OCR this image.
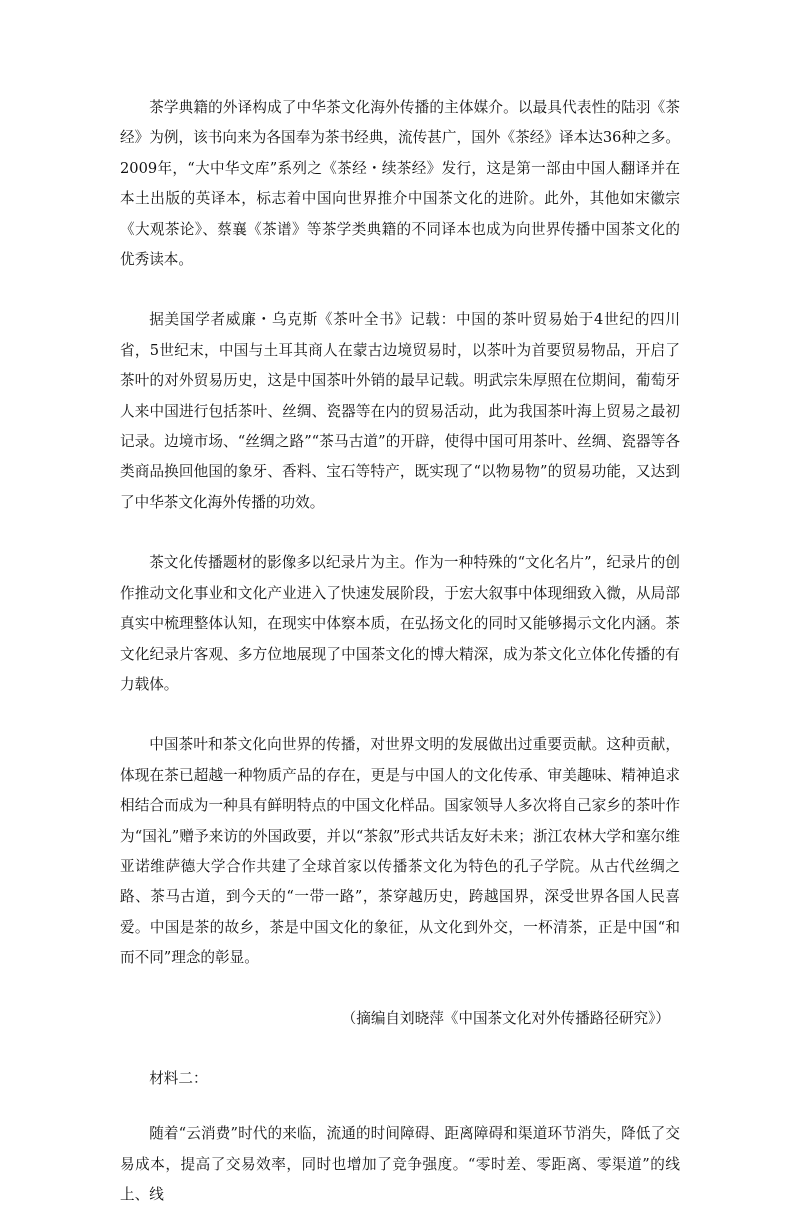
茶学典籍的外译构成了中华茶文化海外传播的主体媒介。以最具代表性的陆羽《茶经》为例，该书向来为各国奉为茶书经典，流传甚广，国外《茶经》译本达36种之多。2009年，“大中华文库”系列之《茶经・续茶经》发行，这是第一部由中国人翻译并在本土出版的英译本，标志着中国向世界推介中国茶文化的进阶。此外，其他如宋徽宗《大观茶论》、蔡襄《茶谱》等茶学类典籍的不同译本也成为向世界传播中国茶文化的优秀读本。

据美国学者威廉・乌克斯《茶叶全书》记载：中国的茶叶贸易始于4世纪的四川省，5世纪末，中国与土耳其商人在蒙古边境贸易时，以茶叶为首要贸易物品，开启了茶叶的对外贸易历史，这是中国茶叶外销的最早记载。明武宗朱厚照在位期间，葡萄牙人来中国进行包括茶叶、丝绸、瓷器等在内的贸易活动，此为我国茶叶海上贸易之最初记录。边境市场、“丝绸之路”“茶马古道”的开辟，使得中国可用茶叶、丝绸、瓷器等各类商品换回他国的象牙、香料、宝石等特产，既实现了“以物易物”的贸易功能，又达到了中华茶文化海外传播的功效。

茶文化传播题材的影像多以纪录片为主。作为一种特殊的“文化名片”，纪录片的创作推动文化事业和文化产业进入了快速发展阶段，于宏大叙事中体现细致入微，从局部真实中梳理整体认知，在现实中体察本质，在弘扬文化的同时又能够揭示文化内涵。茶文化纪录片客观、多方位地展现了中国茶文化的博大精深，成为茶文化立体化传播的有力载体。

中国茶叶和茶文化向世界的传播，对世界文明的发展做出过重要贡献。这种贡献，体现在茶已超越一种物质产品的存在，更是与中国人的文化传承、审美趣味、精神追求相结合而成为一种具有鲜明特点的中国文化样品。国家领导人多次将自己家乡的茶叶作为“国礼”赠予来访的外国政要，并以“茶叙”形式共话友好未来；浙江农林大学和塞尔维亚诺维萨德大学合作共建了全球首家以传播茶文化为特色的孔子学院。从古代丝绸之路、茶马古道，到今天的“一带一路”，茶穿越历史，跨越国界，深受世界各国人民喜爱。中国是茶的故乡，茶是中国文化的象征，从文化到外交，一杯清茶，正是中国“和而不同”理念的彰显。

（摘编自刘晓萍《中国茶文化对外传播路径研究》）

材料二：

随着“云消费”时代的来临，流通的时间障碍、距离障碍和渠道环节消失，降低了交易成本，提高了交易效率，同时也增加了竞争强度。“零时差、零距离、零渠道”的线上、线
